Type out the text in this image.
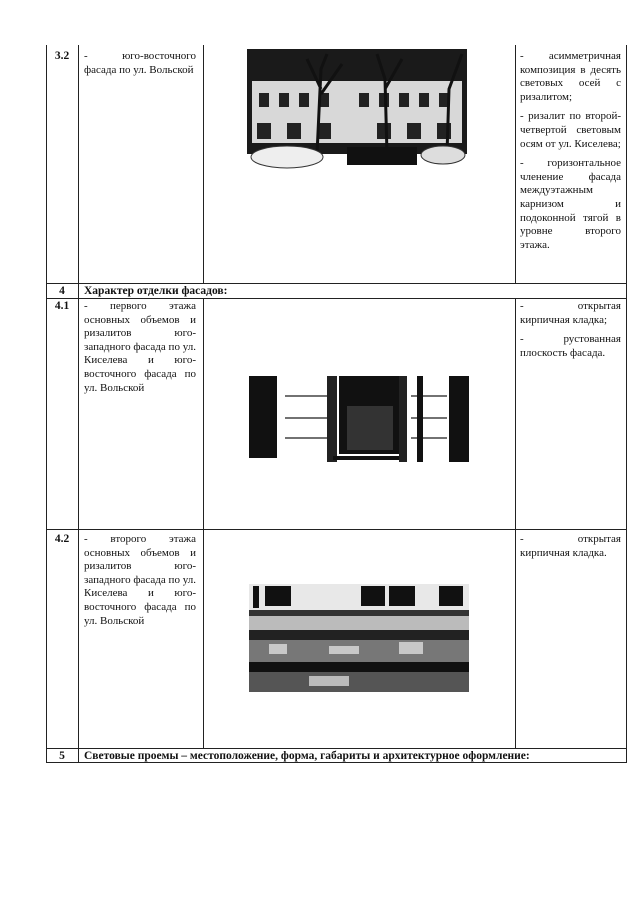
3.2	- юго-восточного фасада по ул. Вольской

- асимметричная композиция в десять световых осей с ризалитом;

- ризалит по второй-четвертой световым осям от ул. Киселева;

- горизонтальное членение фасада междуэтажным карнизом и подоконной тягой в уровне второго этажа.

4	Характер отделки фасадов:
4.1	- первого этажа основных объемов и ризалитов юго-западного фасада по ул. Киселева и юго-восточного фасада по ул. Вольской

- открытая кирпичная кладка;

- рустованная плоскость фасада.

4.2	- второго этажа основных объемов и ризалитов юго-западного фасада по ул. Киселева и юго-восточного фасада по ул. Вольской

- открытая кирпичная кладка.

5	Световые проемы – местоположение, форма, габариты и архитектурное оформление:
